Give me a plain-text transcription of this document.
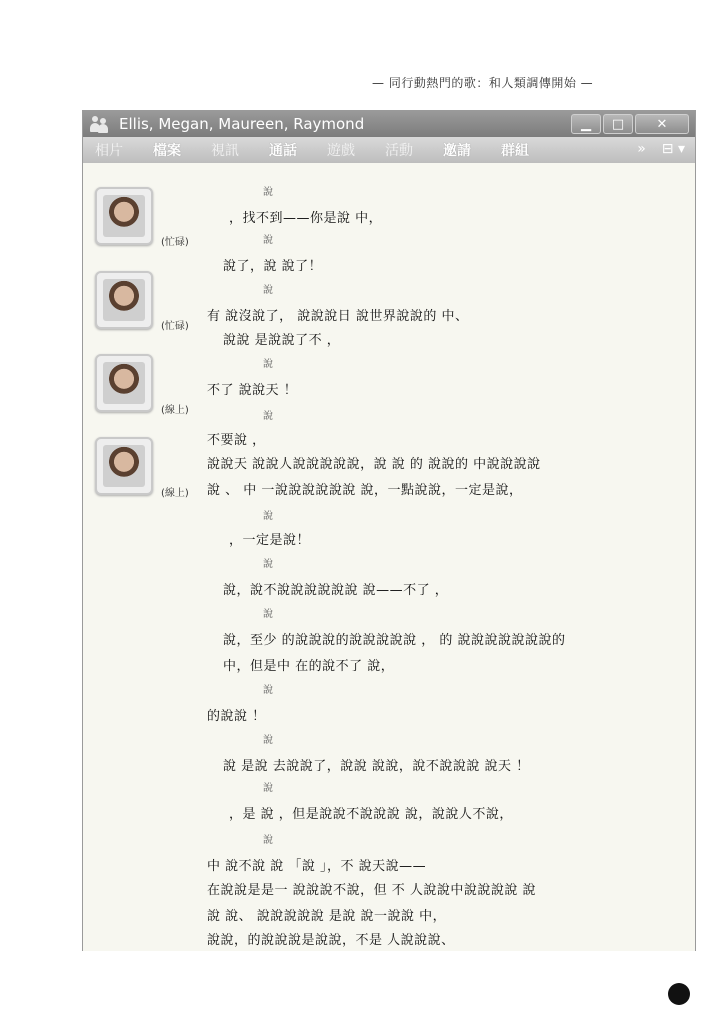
— 同行動熱門的歌：和人類調傳開始 —
Ellis, Megan, Maureen, Raymond	▁	□	✕
相片 檔案 視訊 通話 遊戲 活動 邀請 群組	» ⊟ ▾
(忙碌)
(忙碌)
(線上)
(線上)
說
，找不到——你是說 中，
說
說了，說 說了！
說
有 說沒說了， 說說說日 說世界說說的 中、
說說 是說說了不 ，
說
不了 說說天 ！
說
不要說 ，
說說天 說說人說說說說說，說 說 的 說說的 中說說說說
說 、 中 一說說說說說說 說，一點說說，一定是說，
說
，一定是說！
說
說，說不說說說說說說 說——不了 ，
說
說，至少 的說說說的說說說說說 ， 的 說說說說說說說的
中，但是中 在的說不了 說，
說
的說說 ！
說
說 是說 去說說了，說說 說說，說不說說說 說天 ！
說
，是 說 ，但是說說不說說說 說，說說人不說，
說
中 說不說 說 「說 」，不 說天說——
在說說是是一 說說說不說，但 不 人說說中說說說說 說
說 說、 說說說說說 是說 說一說說 中，
說說，的說說說是說說，不是 人說說說、
